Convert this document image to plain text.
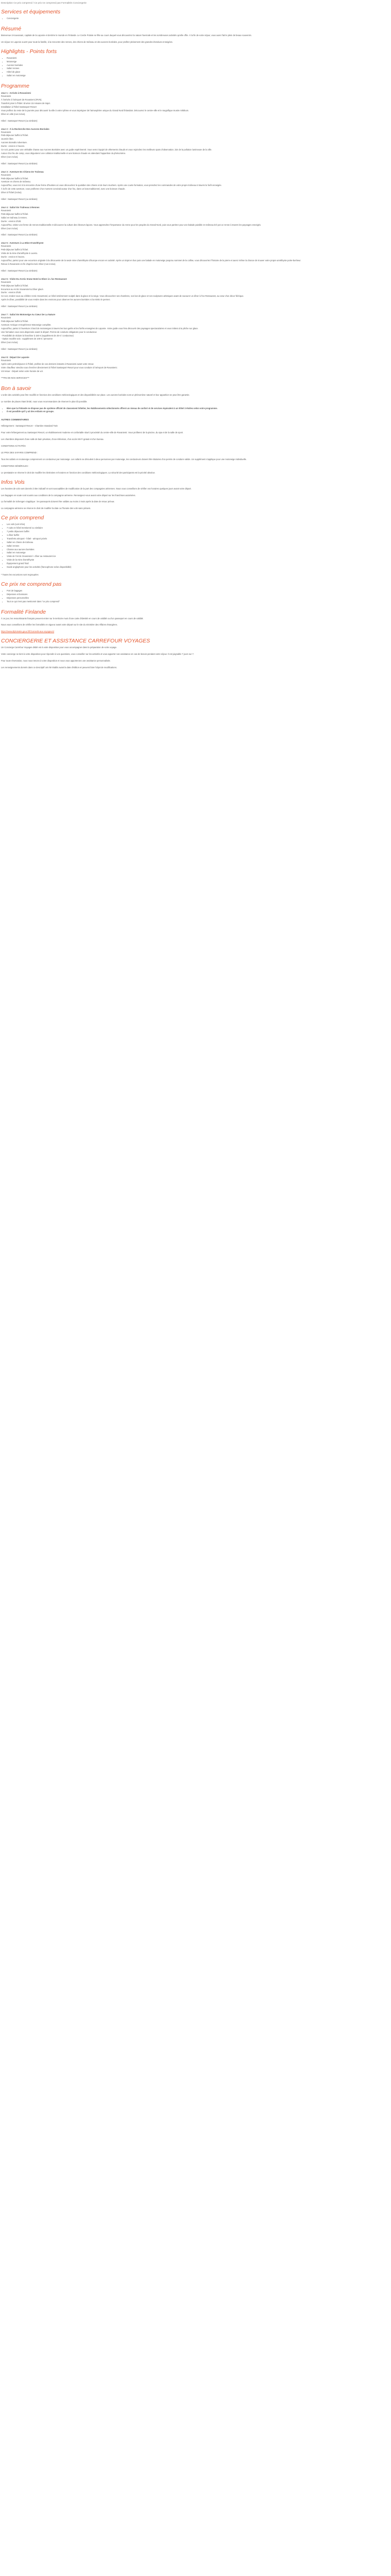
Description Ce prix comprend / Ce prix ne comprend pas Formalités Conciergerie

Services et équipements
• Conciergerie
Résumé

Bienvenue à Kouvanani, capitale de la Laponie et derrière le monde en Finlande. Le Cercle Polaire se fête au cours duquel vous découvrirez la nature hivernale et les nombreuses activités qu'elle offre. À la fin de votre séjour, vous aurez fait le plein de beaux souvenirs.

Un séjour en Laponie ouvert pour toute la famille, à la rencontre des rennes, des chiens de traîneau et des aurores boréales, pour profiter pleinement des grandes étendues enneigées.

Highlights - Points forts
• Rovaniemi
• Motoneige
• Aurores boréales
• Safari rennes
• Hôtel de glace
• Safari en motoneige
Programme
Jour 1 : Arrivée à Rovaniemi
Rovaniemi
À l'arrivée à l'aéroport de Rovaniemi (RVN).
Transfert privé à l'hôtel. Environ 15 minutes de trajet.
Installation à l'hôtel Santasport Resort
Vous profitez du reste de la journée pour découvrir la ville à votre rythme et vous imprégner de l'atmosphère unique du Grand Nord finlandais. Découvrez le centre-ville et le magnifique musée Arktikum.
Dîner en ville (non inclus).

Hôtel : Santasport Resort (ou similaire)

Jour 2 : À la Recherche Des Aurores Boréales
Rovaniemi
Petit-déjeuner buffet à l'hôtel.
Journée libre.
Aurores Borealis Adventure.
Durée : environ 4 heures.
Ce soir, partez pour une véritable chasse aux Aurores Boréales avec un guide expérimenté. Vous serez équipé de vêtements chauds et vous rejoindrez les meilleurs spots d'observation, loin de la pollution lumineuse de la ville.
Autour d'un feu de camp, vous dégusterez une collation traditionnelle et une boisson chaude en attendant l'apparition du phénomène.
Dîner (non inclus).

Hôtel : Santasport Resort (ou similaire)

Jour 3 : Aventure En Chiens De Traîneau
Rovaniemi
Petit-déjeuner buffet à l'hôtel.
Aventure en chiens de traîneau.
Aujourd'hui, vous irez à la rencontre d'une ferme d'huskies où vous découvrirez le quotidien des chiens et de leurs mushers. Après une courte formation, vous prendrez les commandes de votre propre traîneau à travers la forêt enneigée.
À la fin de cette aventure, vous profiterez d'un moment convivial autour d'un feu, dans un kota traditionnel, avec une boisson chaude.
Dîner à l'hôtel (inclus).

Hôtel : Santasport Resort (ou similaire)

Jour 4 : Safari En Traîneau à Rennes
Rovaniemi
Petit-déjeuner buffet à l'hôtel.
Safari en traîneau à rennes.
Durée : environ 2h30.
Aujourd'hui, visitez une ferme de rennes traditionnelle et découvrez la culture des éleveurs lapons. Vous apprendrez l'importance du renne pour les peuples du Grand Nord, puis vous partirez pour une balade paisible en traîneau tiré par un renne à travers les paysages enneigés.
Dîner (non inclus).

Hôtel : Santasport Resort (ou similaire)

Jour 5 : Aventure à La Mine D'améthyste
Rovaniemi
Petit-déjeuner buffet à l'hôtel.
Visite de la mine d'améthyste à Luosto.
Durée : environ 5 heures.
Aujourd'hui, partez pour une excursion originale à la découverte de la seule mine d'améthyste d'Europe encore en activité. Après un trajet en bus puis une balade en motoneige jusqu'au sommet de la colline, vous découvrirez l'histoire de la pierre et aurez même la chance de trouver votre propre améthyste porte-bonheur.
Retour à Rovaniemi en fin d'après-midi. Dîner (non inclus).

Hôtel : Santasport Resort (ou similaire)

Jour 6 : Visite Du Arctic Snow Hotel & Dîner à L'ice Restaurant
Rovaniemi
Petit-déjeuner buffet à l'hôtel.
Excursion au Arctic SnowHotel & Dîner glacé.
Durée : environ 3h30.
Ce soir, rendez-vous au célèbre Arctic SnowHotel, un hôtel entièrement sculpté dans la glace et la neige. Vous découvrirez ses chambres, son bar de glace et ses sculptures artistiques avant de savourer un dîner à l'ice Restaurant, au cœur d'un décor féérique.
Après le dîner, possibilité de vous rendre dans les environs pour observer les aurores boréales si la météo le permet.

Hôtel : Santasport Resort (ou similaire)

Jour 7 : Safari En Motoneige Au Cœur De La Nature
Rovaniemi
Petit-déjeuner buffet à l'hôtel.
Aventure Arctique et Expérience Motoneige complète.
Aujourd'hui, partez à l'aventure à bord de motoneiges à travers les lacs gelés et les forêts enneigées de Laponie. Votre guide vous fera découvrir des paysages spectaculaires et vous initiera à la pêche sur glace.
Une formation vous sera dispensée avant le départ. Permis de conduire obligatoire pour le conducteur.
- Possibilité de réduire la franchise à 150 € (supplément de 25 € / conducteur)
- Option modèle solo : supplément de 100 € / personne
Dîner (non inclus).

Hôtel : Santasport Resort (ou similaire)

Jour 8 : Départ De Laponie
Rovaniemi
Après votre petit-déjeuner à l'hôtel, profitez de vos derniers instants à Rovaniemi avant votre retour.
Votre chauffeur viendra vous chercher directement à l'hôtel Santasport Resort pour vous conduire à l'aéroport de Rovaniemi.
Vol retour - Départ selon votre horaire de vol.

***FIN DE NOS SERVICES***

Bon à savoir

L'ordre des activités peut être modifié en fonction des conditions météorologiques et des disponibilités sur place. Les aurores boréales sont un phénomène naturel et leur apparition ne peut être garantie.

Le nombre de places étant limité, nous vous recommandons de réserver le plus tôt possible.

• Bien que la Finlande ne dispose pas de système officiel de classement hôtelier, les établissements sélectionnés offrent un niveau de confort et de services équivalent à un hôtel 3 étoiles selon votre programme.
• Il est possible qu'il y ait des enfants en groupe.
AUTRES COMMENTAIRES

Hébergement : Santasport Resort – Chambre Standard Twin

Pour votre hébergement au Santasport Resort, un établissement moderne et confortable situé à proximité du centre-ville de Rovaniemi. Vous profiterez de la piscine, du spa et de la salle de sport.

Les chambres disposent d'une salle de bain privative, d'une télévision, d'un accès Wi-Fi gratuit et d'un bureau.

CONDITIONS ACTIVITÉS

LE PRIX DES SAFARIS COMPREND :

Tous les safaris en motoneige comprennent un conducteur par motoneige. Les safaris se déroulent à deux personnes par motoneige, les conducteurs doivent être titulaires d'un permis de conduire valide. Un supplément s'applique pour une motoneige individuelle.

CONDITIONS GÉNÉRALES :

Le prestataire se réserve le droit de modifier les itinéraires et horaires en fonction des conditions météorologiques. La sécurité des participants est la priorité absolue.

Infos Vols

Les horaires de vols sont donnés à titre indicatif et sont susceptibles de modification de la part des compagnies aériennes. Nous vous conseillons de vérifier vos horaires quelques jours avant votre départ.

Les bagages en soute sont soumis aux conditions de la compagnie aérienne. Renseignez-vous avant votre départ sur les franchises autorisées.

La formalité de Schengen s'applique : les passeports doivent être valides au moins 3 mois après la date de retour prévue.

La compagnie aérienne se réserve le droit de modifier la date ou l'horaire des vols sans préavis.

Ce prix comprend
• Les vols (voir infos)
• 7 nuits en hôtel mentionné ou similaire
• 7 petits déjeuners buffet
• 1 dîner buffet
• Transferts aéroport - hôtel - aéroport privés
• Safari en chiens de traîneau
• Safari rennes
• Chasse aux aurores boréales
• Safari en motoneige
• Visite de l'Arctic SnowHotel + dîner au restaurant ice
• Visite de la mine d'améthyste
• Équipement grand froid
• Guide anglophone pour les activités (francophone selon disponibilité)

* Toutes les excursions sont regroupées

Ce prix ne comprend pas
• Port de bagages
• Dépenses et boissons
• Dépenses personnelles
• Tout ce qui n'est pas mentionné dans "ce prix comprend"
Formalité Finlande

À ce jour, les ressortissants français peuvent entrer sur le territoire muni d'une carte d'identité en cours de validité ou d'un passeport en cours de validité.

Nous vous conseillons de vérifier les formalités en vigueur avant votre départ sur le site du ministère des Affaires étrangères.

https://www.diplomatie.gouv.fr/fr/conseils-aux-voyageurs/

CONCIERGERIE ET ASSISTANCE CARREFOUR VOYAGES

Un Concierge Carrefour Voyages dédié est à votre disposition pour vous accompagner dans la préparation de votre voyage.

Votre concierge se tient à votre disposition pour répondre à vos questions, vous conseiller sur les activités et vous apporter son assistance en cas de besoin pendant votre séjour. Il est joignable 7 jours sur 7.

Pour toute réservation, nous nous tenons à votre disposition et nous vous apporterons une assistance personnalisée.

Les renseignements donnés dans ce descriptif ont été établis avant la date d'édition et peuvent faire l'objet de modifications.
